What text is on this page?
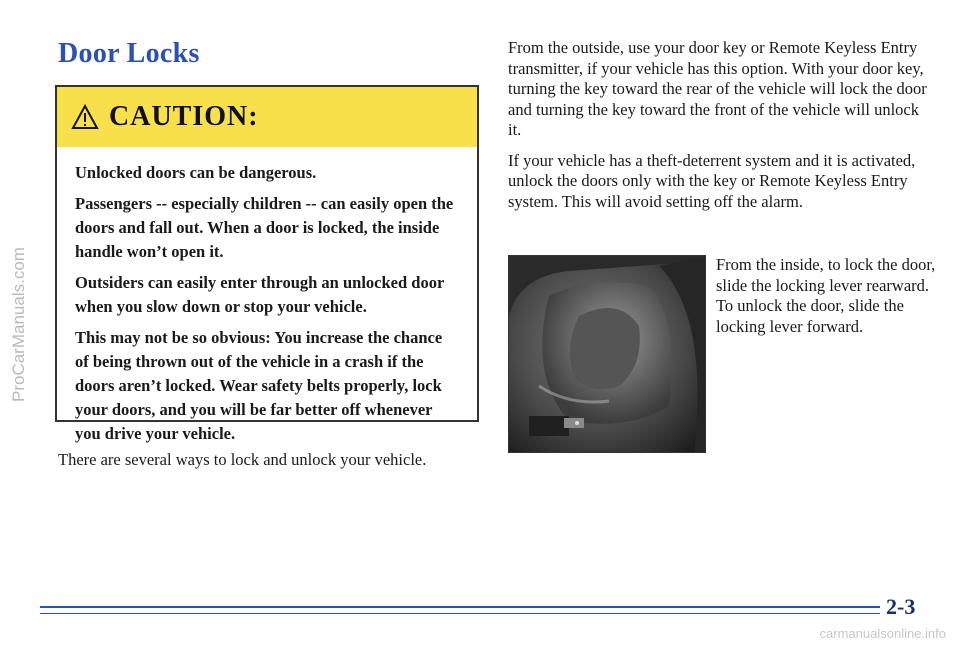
ProCarManuals.com
Door Locks
CAUTION:

Unlocked doors can be dangerous.

Passengers -- especially children -- can easily open the doors and fall out. When a door is locked, the inside handle won’t open it.

Outsiders can easily enter through an unlocked door when you slow down or stop your vehicle.

This may not be so obvious: You increase the chance of being thrown out of the vehicle in a crash if the doors aren’t locked. Wear safety belts properly, lock your doors, and you will be far better off whenever you drive your vehicle.

There are several ways to lock and unlock your vehicle.

From the outside, use your door key or Remote Keyless Entry transmitter, if your vehicle has this option. With your door key, turning the key toward the rear of the vehicle will lock the door and turning the key toward the front of the vehicle will unlock it.

If your vehicle has a theft-deterrent system and it is activated, unlock the doors only with the key or Remote Keyless Entry system. This will avoid setting off the alarm.

From the inside, to lock the door, slide the locking lever rearward. To unlock the door, slide the locking lever forward.

2-3

carmanualsonline.info
